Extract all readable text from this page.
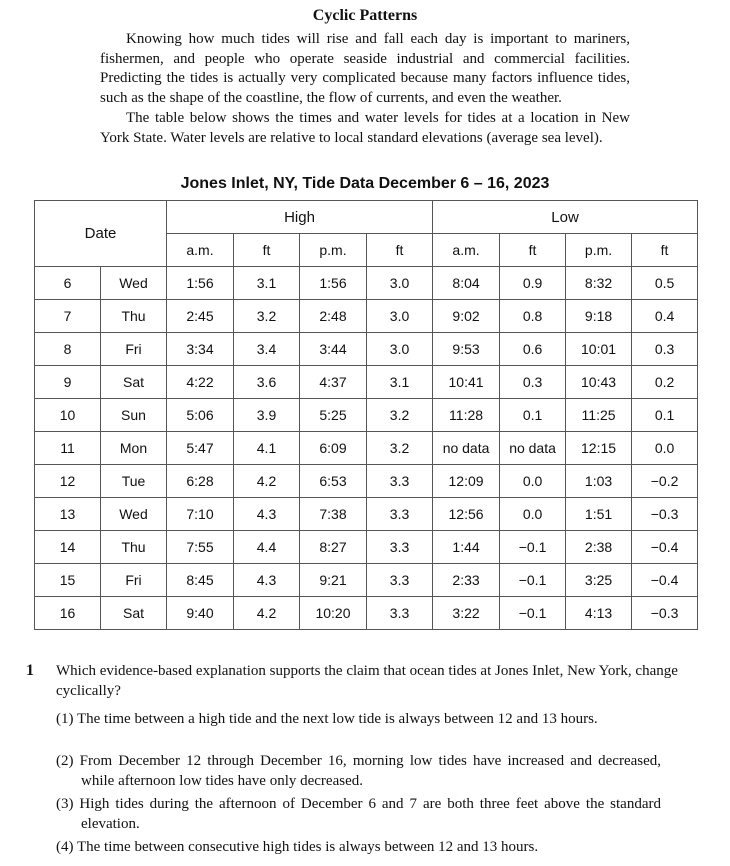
Cyclic Patterns

Knowing how much tides will rise and fall each day is important to mariners, fishermen, and people who operate seaside industrial and commercial facilities. Predicting the tides is actually very complicated because many factors influence tides, such as the shape of the coastline, the flow of currents, and even the weather.

The table below shows the times and water levels for tides at a location in New York State. Water levels are relative to local standard elevations (average sea level).

Jones Inlet, NY, Tide Data December 6 – 16, 2023
Date		High				Low			
		a.m.	ft	p.m.	ft	a.m.	ft	p.m.	ft
6	Wed	1:56	3.1	1:56	3.0	8:04	0.9	8:32	0.5
7	Thu	2:45	3.2	2:48	3.0	9:02	0.8	9:18	0.4
8	Fri	3:34	3.4	3:44	3.0	9:53	0.6	10:01	0.3
9	Sat	4:22	3.6	4:37	3.1	10:41	0.3	10:43	0.2
10	Sun	5:06	3.9	5:25	3.2	11:28	0.1	11:25	0.1
11	Mon	5:47	4.1	6:09	3.2	no data	no data	12:15	0.0
12	Tue	6:28	4.2	6:53	3.3	12:09	0.0	1:03	−0.2
13	Wed	7:10	4.3	7:38	3.3	12:56	0.0	1:51	−0.3
14	Thu	7:55	4.4	8:27	3.3	1:44	−0.1	2:38	−0.4
15	Fri	8:45	4.3	9:21	3.3	2:33	−0.1	3:25	−0.4
16	Sat	9:40	4.2	10:20	3.3	3:22	−0.1	4:13	−0.3
1 Which evidence-based explanation supports the claim that ocean tides at Jones Inlet, New York, change cyclically?

(1) The time between a high tide and the next low tide is always between 12 and 13 hours.

(2) From December 12 through December 16, morning low tides have increased and decreased, while afternoon low tides have only decreased.

(3) High tides during the afternoon of December 6 and 7 are both three feet above the standard elevation.

(4) The time between consecutive high tides is always between 12 and 13 hours.
